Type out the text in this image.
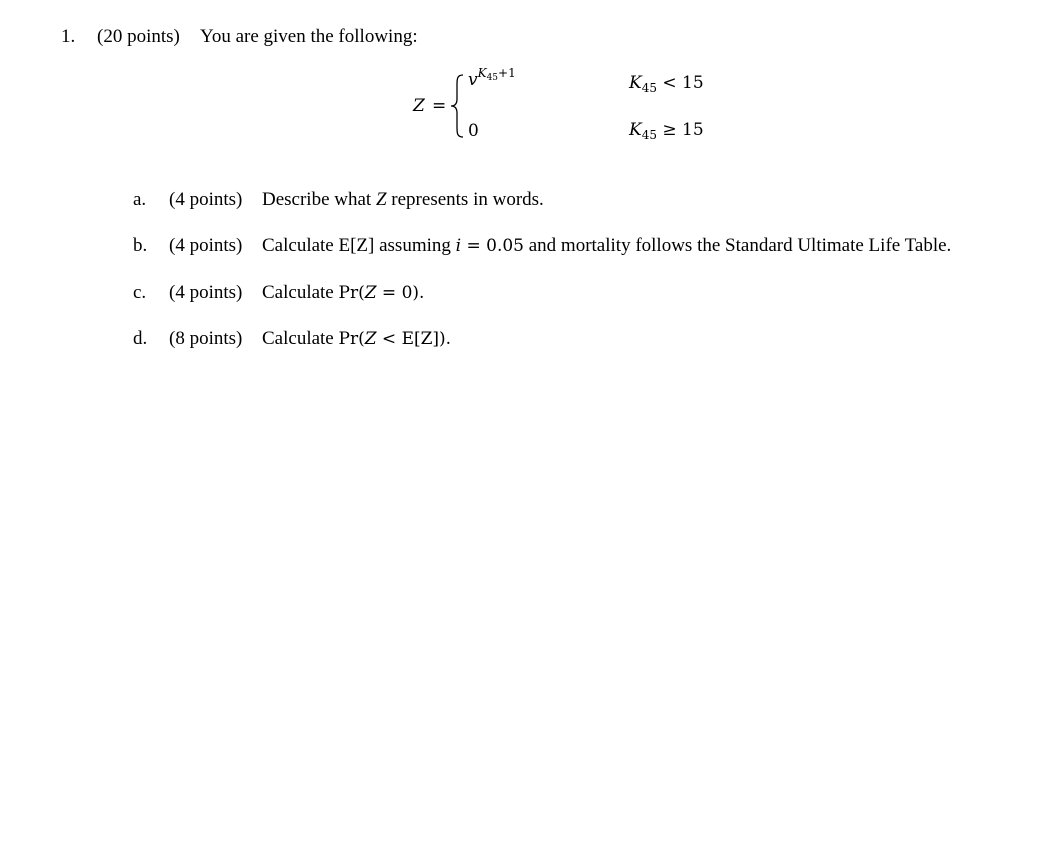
1. (20 points) You are given the following:
Z =
$v^{K45+1}$	$K_{45} < 15$
0	$K_{45} \ge 15$
a. (4 points) Describe what Z represents in words.
b. (4 points) Calculate E[Z] assuming i = 0.05 and mortality follows the Standard Ultimate Life Table.
c. (4 points) Calculate Pr(Z = 0).
d. (8 points) Calculate Pr(Z < E[Z]).
